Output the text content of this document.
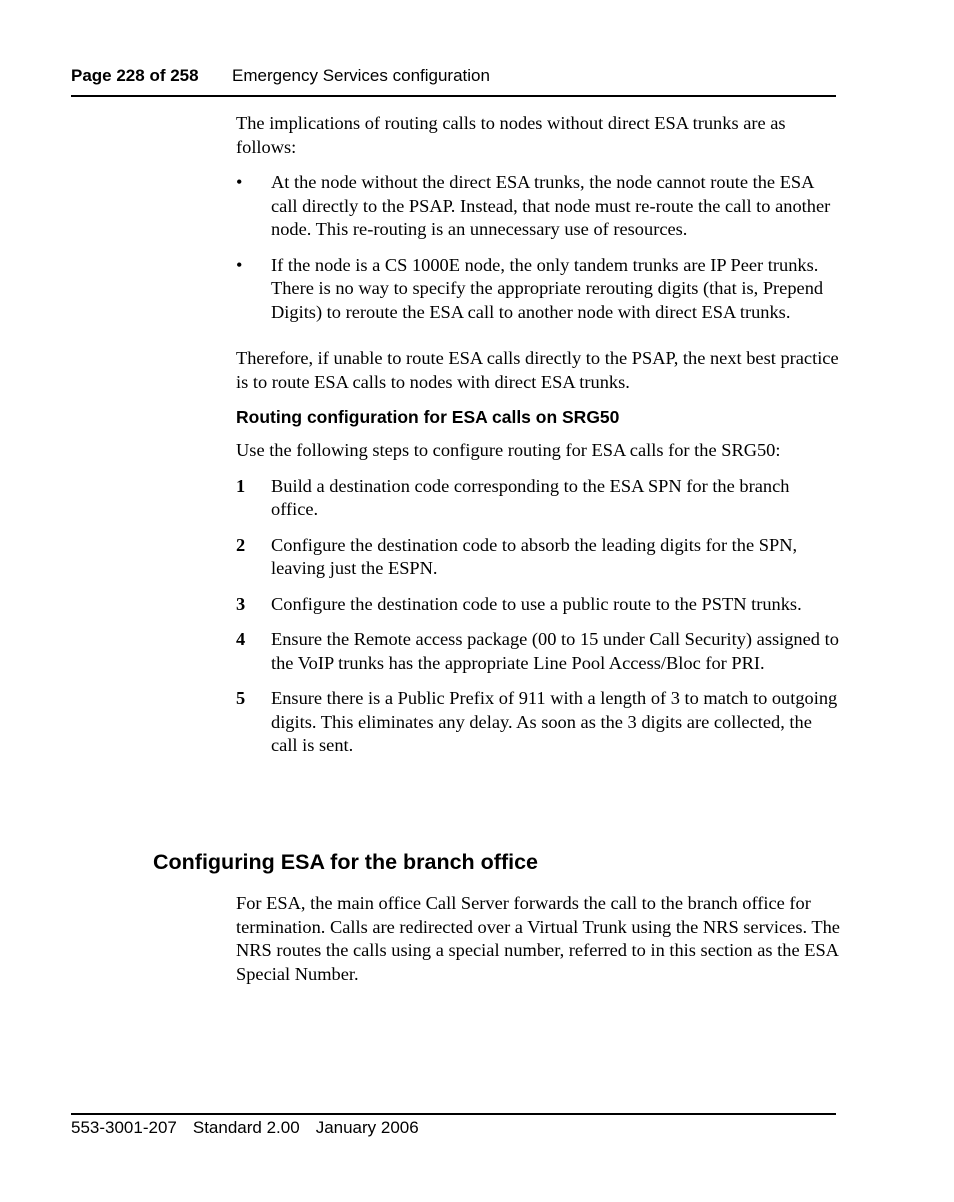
Page 228 of 258 Emergency Services configuration

The implications of routing calls to nodes without direct ESA trunks are as follows:

• At the node without the direct ESA trunks, the node cannot route the ESA call directly to the PSAP. Instead, that node must re-route the call to another node. This re-routing is an unnecessary use of resources.
• If the node is a CS 1000E node, the only tandem trunks are IP Peer trunks. There is no way to specify the appropriate rerouting digits (that is, Prepend Digits) to reroute the ESA call to another node with direct ESA trunks.

Therefore, if unable to route ESA calls directly to the PSAP, the next best practice is to route ESA calls to nodes with direct ESA trunks.

Routing configuration for ESA calls on SRG50

Use the following steps to configure routing for ESA calls for the SRG50:

1 Build a destination code corresponding to the ESA SPN for the branch office.
2 Configure the destination code to absorb the leading digits for the SPN, leaving just the ESPN.
3 Configure the destination code to use a public route to the PSTN trunks.
4 Ensure the Remote access package (00 to 15 under Call Security) assigned to the VoIP trunks has the appropriate Line Pool Access/Bloc for PRI.
5 Ensure there is a Public Prefix of 911 with a length of 3 to match to outgoing digits. This eliminates any delay. As soon as the 3 digits are collected, the call is sent.
Configuring ESA for the branch office

For ESA, the main office Call Server forwards the call to the branch office for termination. Calls are redirected over a Virtual Trunk using the NRS services. The NRS routes the calls using a special number, referred to in this section as the ESA Special Number.

553-3001-207 Standard 2.00 January 2006
